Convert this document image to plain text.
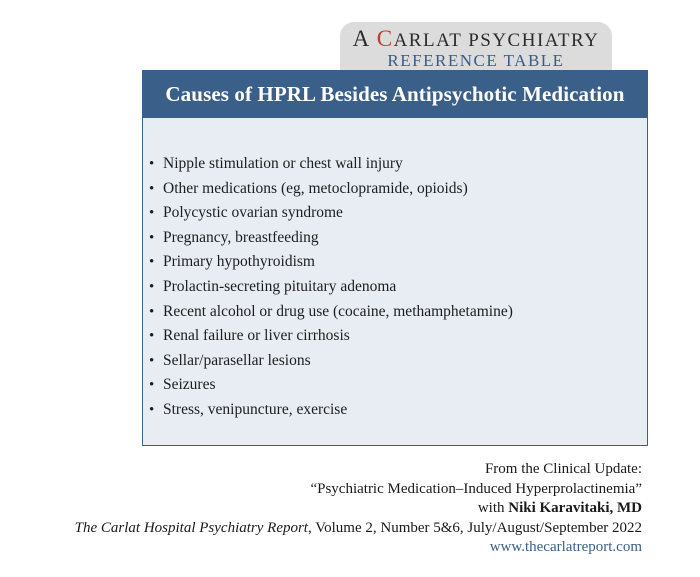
A CARLAT PSYCHIATRY
REFERENCE TABLE
Causes of HPRL Besides Antipsychotic Medication
• Nipple stimulation or chest wall injury
• Other medications (eg, metoclopramide, opioids)
• Polycystic ovarian syndrome
• Pregnancy, breastfeeding
• Primary hypothyroidism
• Prolactin-secreting pituitary adenoma
• Recent alcohol or drug use (cocaine, methamphetamine)
• Renal failure or liver cirrhosis
• Sellar/parasellar lesions
• Seizures
• Stress, venipuncture, exercise
From the Clinical Update:
“Psychiatric Medication–Induced Hyperprolactinemia”
with Niki Karavitaki, MD
The Carlat Hospital Psychiatry Report, Volume 2, Number 5&6, July/August/September 2022
www.thecarlatreport.com
